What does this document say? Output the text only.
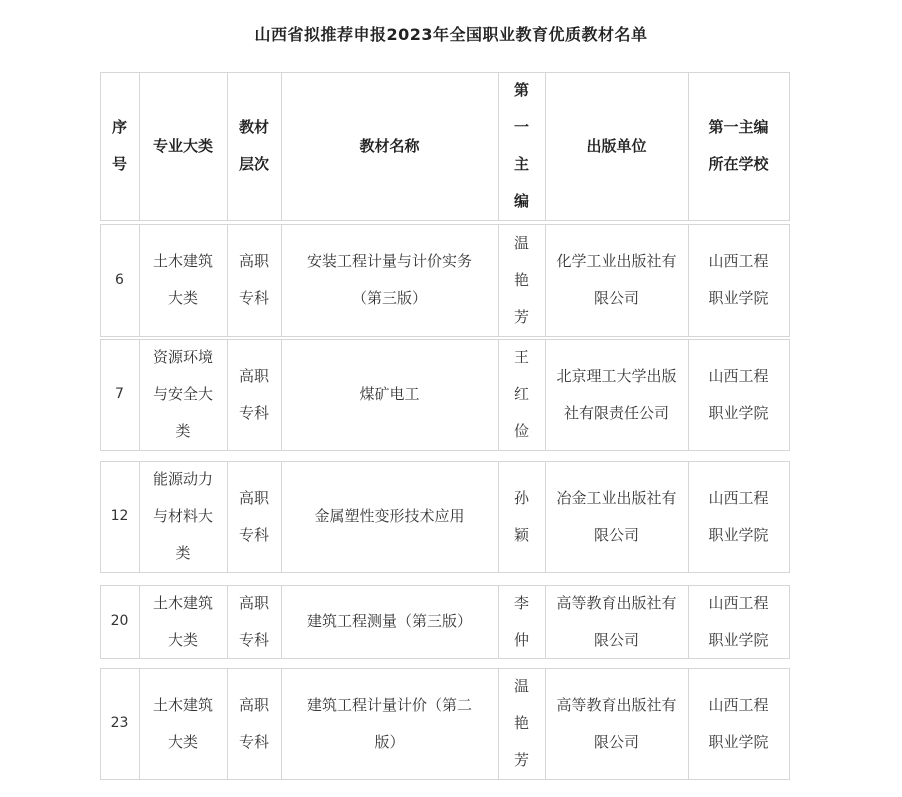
山西省拟推荐申报2023年全国职业教育优质教材名单
序号
专业大类
教材层次
教材名称
第一主编
出版单位
第一主编所在学校
6
土木建筑大类
高职专科
安装工程计量与计价实务（第三版）
温艳芳
化学工业出版社有限公司
山西工程职业学院
7
资源环境与安全大类
高职专科
煤矿电工
王红俭
北京理工大学出版社有限责任公司
山西工程职业学院
12
能源动力与材料大类
高职专科
金属塑性变形技术应用
孙颖
冶金工业出版社有限公司
山西工程职业学院
20
土木建筑大类
高职专科
建筑工程测量（第三版）
李仲
高等教育出版社有限公司
山西工程职业学院
23
土木建筑大类
高职专科
建筑工程计量计价（第二版）
温艳芳
高等教育出版社有限公司
山西工程职业学院
